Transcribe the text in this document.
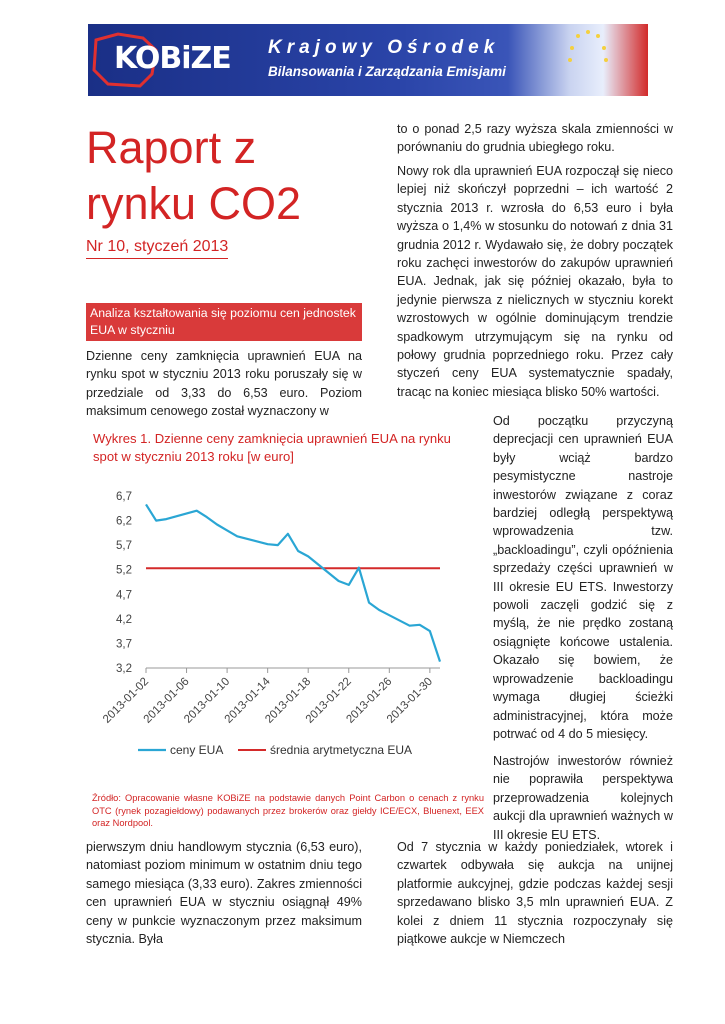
KOBiZE Krajowy Ośrodek
Bilansowania i Zarządzania Emisjami
Raport z
rynku CO2
Nr 10, styczeń 2013
Analiza kształtowania się poziomu cen jednostek EUA w styczniu

Dzienne ceny zamknięcia uprawnień EUA na rynku spot w styczniu 2013 roku poruszały się w przedziale od 3,33 do 6,53 euro. Poziom maksimum cenowego został wyznaczony w

pierwszym dniu handlowym stycznia (6,53 euro), natomiast poziom minimum w ostatnim dniu tego samego miesiąca (3,33 euro). Zakres zmienności cen uprawnień EUA w styczniu osiągnął 49% ceny w punkcie wyznaczonym przez maksimum stycznia. Była

to o ponad 2,5 razy wyższa skala zmienności w porównaniu do grudnia ubiegłego roku.

Nowy rok dla uprawnień EUA rozpoczął się nieco lepiej niż skończył poprzedni – ich wartość 2 stycznia 2013 r. wzrosła do 6,53 euro i była wyższa o 1,4% w stosunku do notowań z dnia 31 grudnia 2012 r. Wydawało się, że dobry początek roku zachęci inwestorów do zakupów uprawnień EUA. Jednak, jak się później okazało, była to jedynie pierwsza z nielicznych w styczniu korekt wzrostowych w ogólnie dominującym trendzie spadkowym utrzymującym się na rynku od połowy grudnia poprzedniego roku. Przez cały styczeń ceny EUA systematycznie spadały, tracąc na koniec miesiąca blisko 50% wartości.

Od początku przyczyną deprecjacji cen uprawnień EUA były wciąż bardzo pesymistyczne nastroje inwestorów związane z coraz bardziej odległą perspektywą wprowadzenia tzw. „backloadingu”, czyli opóźnienia sprzedaży części uprawnień w III okresie EU ETS. Inwestorzy powoli zaczęli godzić się z myślą, że nie prędko zostaną osiągnięte końcowe ustalenia. Okazało się bowiem, że wprowadzenie backloadingu wymaga długiej ścieżki administracyjnej, która może potrwać od 4 do 5 miesięcy.

Nastrojów inwestorów również nie poprawiła perspektywa przeprowadzenia kolejnych aukcji dla uprawnień ważnych w III okresie EU ETS.

Od 7 stycznia w każdy poniedziałek, wtorek i czwartek odbywała się aukcja na unijnej platformie aukcyjnej, gdzie podczas każdej sesji sprzedawano blisko 3,5 mln uprawnień EUA. Z kolei z dniem 11 stycznia rozpoczynały się piątkowe aukcje w Niemczech

Wykres 1. Dzienne ceny zamknięcia uprawnień EUA na rynku spot w styczniu 2013 roku [w euro]
6,7
6,2
5,7
5,2
4,7
4,2
3,7
3,2
2013-01-02
2013-01-06
2013-01-10
2013-01-14
2013-01-18
2013-01-22
2013-01-26
2013-01-30
ceny EUA	średnia arytmetyczna EUA
Źródło: Opracowanie własne KOBiZE na podstawie danych Point Carbon o cenach z rynku OTC (rynek pozagiełdowy) podawanych przez brokerów oraz giełdy ICE/ECX, Bluenext, EEX oraz Nordpool.
